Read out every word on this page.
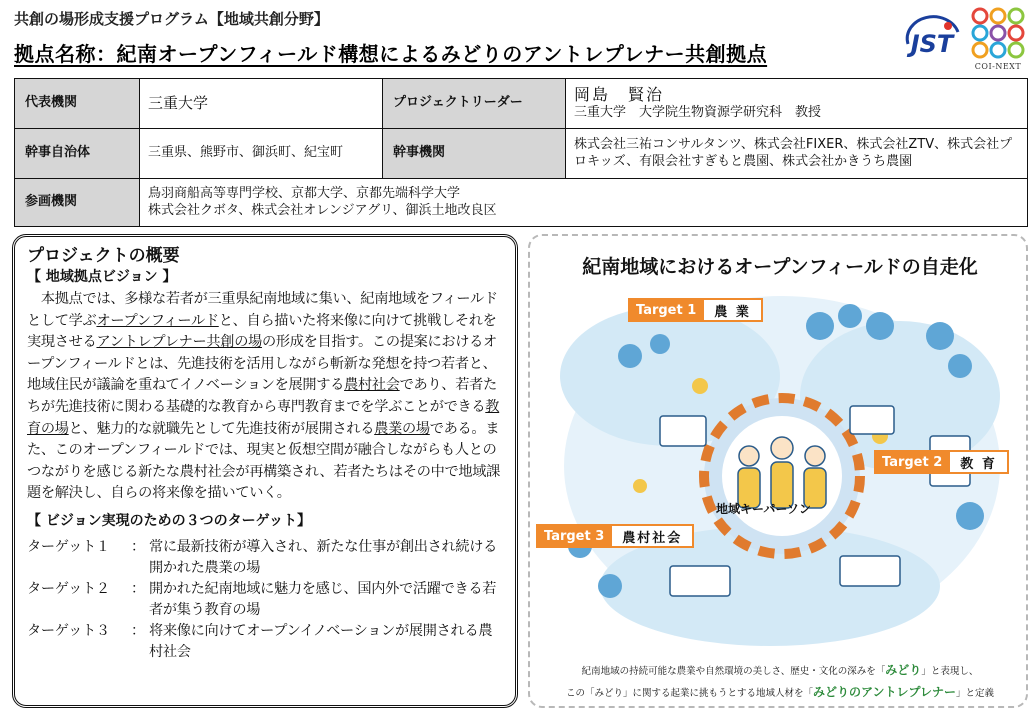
共創の場形成支援プログラム【地域共創分野】
拠点名称：紀南オープンフィールド構想によるみどりのアントレプレナー共創拠点	JST
COI-NEXT
代表機関	三重大学	プロジェクトリーダー	岡島　賢治
三重大学　大学院生物資源学研究科　教授

幹事自治体	三重県、熊野市、御浜町、紀宝町	幹事機関	株式会社三祐コンサルタンツ、株式会社FIXER、株式会社ZTV、株式会社プロキッズ、有限会社すぎもと農園、株式会社かきうち農園
参画機関	鳥羽商船高等専門学校、京都大学、京都先端科学大学
株式会社クボタ、株式会社オレンジアグリ、御浜土地改良区		
プロジェクトの概要
【 地域拠点ビジョン 】
　本拠点では、多様な若者が三重県紀南地域に集い、紀南地域をフィールドとして学ぶオープンフィールドと、自ら描いた将来像に向けて挑戦しそれを実現させるアントレプレナー共創の場の形成を目指す。この提案におけるオープンフィールドとは、先進技術を活用しながら斬新な発想を持つ若者と、地域住民が議論を重ねてイノベーションを展開する農村社会であり、若者たちが先進技術に関わる基礎的な教育から専門教育までを学ぶことができる教育の場と、魅力的な就職先として先進技術が展開される農業の場である。また、このオープンフィールドでは、現実と仮想空間が融合しながらも人とのつながりを感じる新たな農村社会が再構築され、若者たちはその中で地域課題を解決し、自らの将来像を描いていく。
【 ビジョン実現のための３つのターゲット】
ターゲット１	： 常に最新技術が導入され、新たな仕事が創出され続ける開かれた農業の場
ターゲット２	： 開かれた紀南地域に魅力を感じ、国内外で活躍できる若者が集う教育の場
ターゲット３	： 将来像に向けてオープンイノベーションが展開される農村社会
紀南地域におけるオープンフィールドの自走化
Target 1	農 業
Target 2	教 育
Target 3	農村社会
地域キーパーソン
紀南地域の持続可能な農業や自然環境の美しさ、歴史・文化の深みを「みどり」と表現し、
この「みどり」に関する起業に挑もうとする地域人材を「みどりのアントレプレナー」と定義
